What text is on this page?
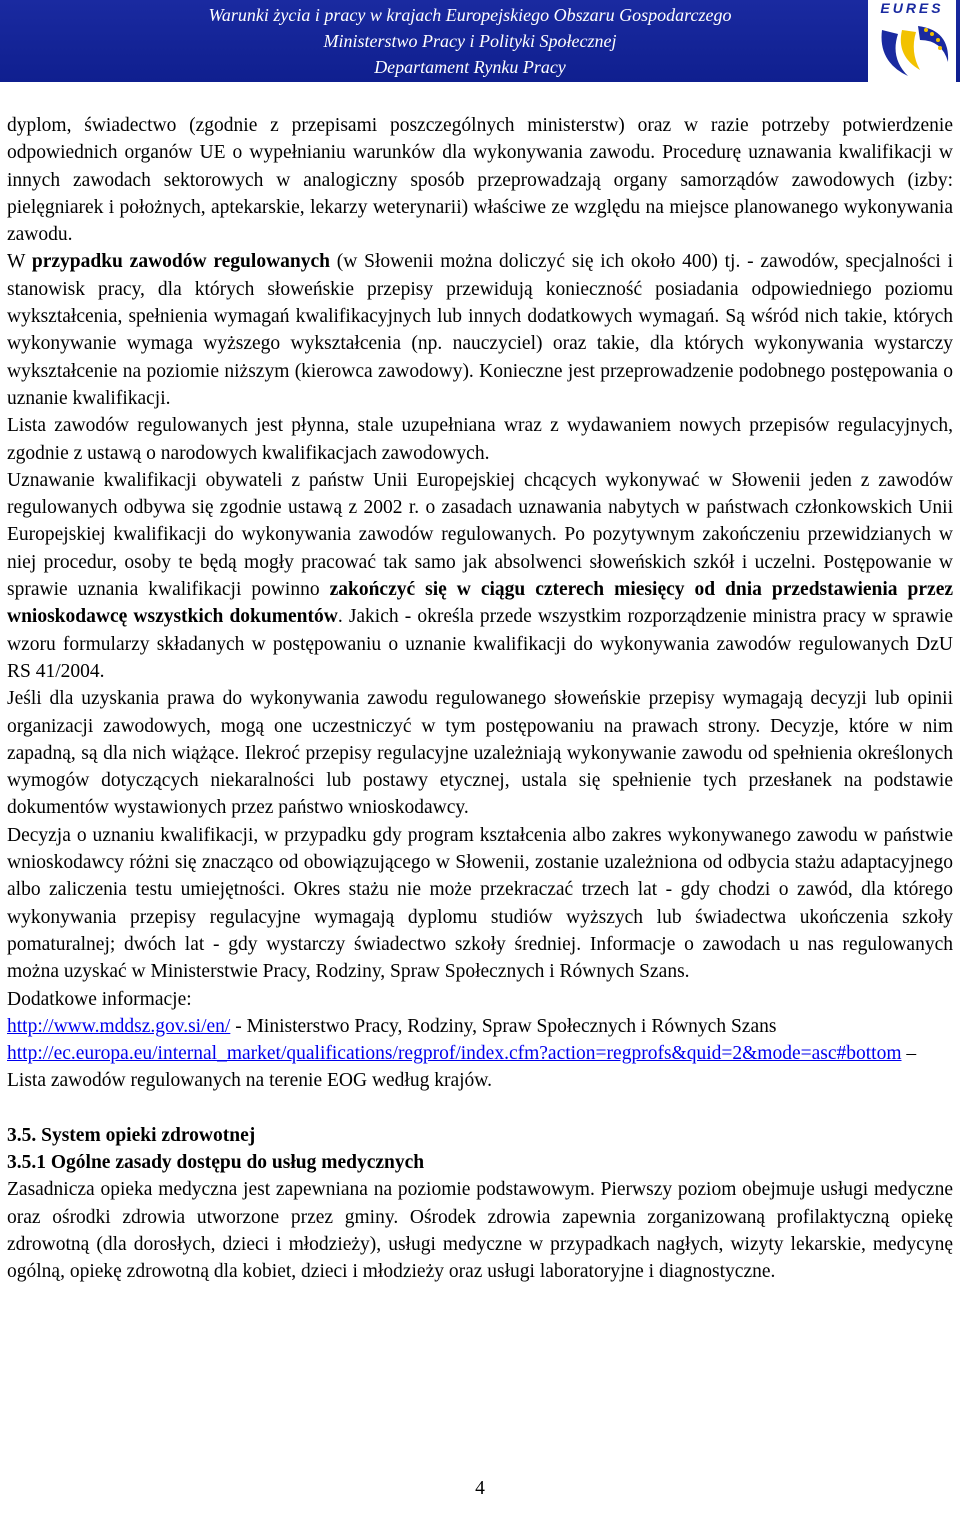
Warunki życia i pracy w krajach Europejskiego Obszaru Gospodarczego
Ministerstwo Pracy i Polityki Społecznej
Departament Rynku Pracy
EURES

dyplom, świadectwo (zgodnie z przepisami poszczególnych ministerstw) oraz w razie potrzeby potwierdzenie odpowiednich organów UE o wypełnianiu warunków dla wykonywania zawodu. Procedurę uznawania kwalifikacji w innych zawodach sektorowych w analogiczny sposób przeprowadzają organy samorządów zawodowych (izby: pielęgniarek i położnych, aptekarskie, lekarzy weterynarii) właściwe ze względu na miejsce planowanego wykonywania zawodu.

W przypadku zawodów regulowanych (w Słowenii można doliczyć się ich około 400) tj. - zawodów, specjalności i stanowisk pracy, dla których słoweńskie przepisy przewidują konieczność posiadania odpowiedniego poziomu wykształcenia, spełnienia wymagań kwalifikacyjnych lub innych dodatkowych wymagań. Są wśród nich takie, których wykonywanie wymaga wyższego wykształcenia (np. nauczyciel) oraz takie, dla których wykonywania wystarczy wykształcenie na poziomie niższym (kierowca zawodowy). Konieczne jest przeprowadzenie podobnego postępowania o uznanie kwalifikacji.

Lista zawodów regulowanych jest płynna, stale uzupełniana wraz z wydawaniem nowych przepisów regulacyjnych, zgodnie z ustawą o narodowych kwalifikacjach zawodowych.

Uznawanie kwalifikacji obywateli z państw Unii Europejskiej chcących wykonywać w Słowenii jeden z zawodów regulowanych odbywa się zgodnie ustawą z 2002 r. o zasadach uznawania nabytych w państwach członkowskich Unii Europejskiej kwalifikacji do wykonywania zawodów regulowanych. Po pozytywnym zakończeniu przewidzianych w niej procedur, osoby te będą mogły pracować tak samo jak absolwenci słoweńskich szkół i uczelni. Postępowanie w sprawie uznania kwalifikacji powinno zakończyć się w ciągu czterech miesięcy od dnia przedstawienia przez wnioskodawcę wszystkich dokumentów. Jakich - określa przede wszystkim rozporządzenie ministra pracy w sprawie wzoru formularzy składanych w postępowaniu o uznanie kwalifikacji do wykonywania zawodów regulowanych DzU RS 41/2004.

Jeśli dla uzyskania prawa do wykonywania zawodu regulowanego słoweńskie przepisy wymagają decyzji lub opinii organizacji zawodowych, mogą one uczestniczyć w tym postępowaniu na prawach strony. Decyzje, które w nim zapadną, są dla nich wiążące. Ilekroć przepisy regulacyjne uzależniają wykonywanie zawodu od spełnienia określonych wymogów dotyczących niekaralności lub postawy etycznej, ustala się spełnienie tych przesłanek na podstawie dokumentów wystawionych przez państwo wnioskodawcy.

Decyzja o uznaniu kwalifikacji, w przypadku gdy program kształcenia albo zakres wykonywanego zawodu w państwie wnioskodawcy różni się znacząco od obowiązującego w Słowenii, zostanie uzależniona od odbycia stażu adaptacyjnego albo zaliczenia testu umiejętności. Okres stażu nie może przekraczać trzech lat - gdy chodzi o zawód, dla którego wykonywania przepisy regulacyjne wymagają dyplomu studiów wyższych lub świadectwa ukończenia szkoły pomaturalnej; dwóch lat - gdy wystarczy świadectwo szkoły średniej. Informacje o zawodach u nas regulowanych można uzyskać w Ministerstwie Pracy, Rodziny, Spraw Społecznych i Równych Szans.

Dodatkowe informacje:

http://www.mddsz.gov.si/en/ - Ministerstwo Pracy, Rodziny, Spraw Społecznych i Równych Szans

http://ec.europa.eu/internal_market/qualifications/regprof/index.cfm?action=regprofs&quid=2&mode=asc#bottom – Lista zawodów regulowanych na terenie EOG według krajów.

3.5. System opieki zdrowotnej

3.5.1 Ogólne zasady dostępu do usług medycznych

Zasadnicza opieka medyczna jest zapewniana na poziomie podstawowym. Pierwszy poziom obejmuje usługi medyczne oraz ośrodki zdrowia utworzone przez gminy. Ośrodek zdrowia zapewnia zorganizowaną profilaktyczną opiekę zdrowotną (dla dorosłych, dzieci i młodzieży), usługi medyczne w przypadkach nagłych, wizyty lekarskie, medycynę ogólną, opiekę zdrowotną dla kobiet, dzieci i młodzieży oraz usługi laboratoryjne i diagnostyczne.

4
